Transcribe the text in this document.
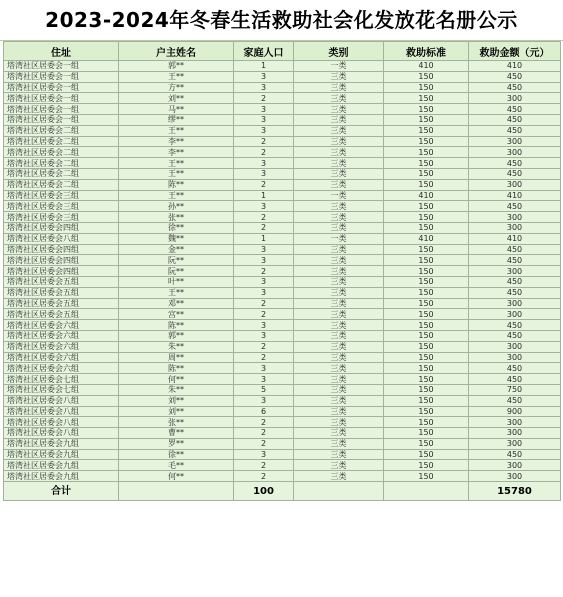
2023-2024年冬春生活救助社会化发放花名册公示
住址	户主姓名	家庭人口	类别	救助标准	救助金额（元）
塔湾社区居委会一组	郭**	1	一类	410	410
塔湾社区居委会一组	王**	3	三类	150	450
塔湾社区居委会一组	方**	3	三类	150	450
塔湾社区居委会一组	刘**	2	三类	150	300
塔湾社区居委会一组	马**	3	三类	150	450
塔湾社区居委会一组	缪**	3	三类	150	450
塔湾社区居委会二组	王**	3	三类	150	450
塔湾社区居委会二组	李**	2	三类	150	300
塔湾社区居委会二组	李**	2	三类	150	300
塔湾社区居委会二组	王**	3	三类	150	450
塔湾社区居委会二组	王**	3	三类	150	450
塔湾社区居委会二组	陈**	2	三类	150	300
塔湾社区居委会三组	王**	1	一类	410	410
塔湾社区居委会三组	孙**	3	三类	150	450
塔湾社区居委会三组	张**	2	三类	150	300
塔湾社区居委会四组	徐**	2	三类	150	300
塔湾社区居委会八组	魏**	1	一类	410	410
塔湾社区居委会四组	金**	3	三类	150	450
塔湾社区居委会四组	阮**	3	三类	150	450
塔湾社区居委会四组	阮**	2	三类	150	300
塔湾社区居委会五组	叶**	3	三类	150	450
塔湾社区居委会五组	王**	3	三类	150	450
塔湾社区居委会五组	邓**	2	三类	150	300
塔湾社区居委会五组	宫**	2	三类	150	300
塔湾社区居委会六组	陈**	3	三类	150	450
塔湾社区居委会六组	郭**	3	三类	150	450
塔湾社区居委会六组	朱**	2	三类	150	300
塔湾社区居委会六组	周**	2	三类	150	300
塔湾社区居委会六组	陈**	3	三类	150	450
塔湾社区居委会七组	何**	3	三类	150	450
塔湾社区居委会七组	朱**	5	三类	150	750
塔湾社区居委会八组	刘**	3	三类	150	450
塔湾社区居委会八组	刘**	6	三类	150	900
塔湾社区居委会八组	张**	2	三类	150	300
塔湾社区居委会八组	曹**	2	三类	150	300
塔湾社区居委会九组	罗**	2	三类	150	300
塔湾社区居委会九组	徐**	3	三类	150	450
塔湾社区居委会九组	毛**	2	三类	150	300
塔湾社区居委会九组	何**	2	三类	150	300
合计		100			15780
